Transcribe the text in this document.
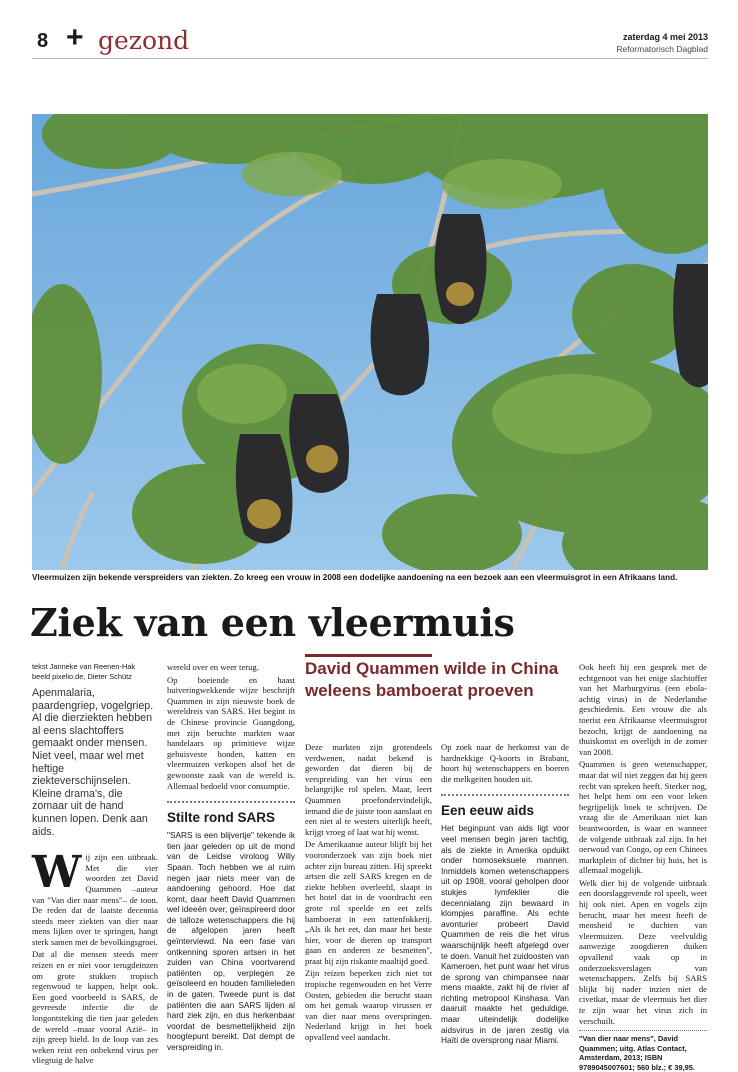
8 + gezond	zaterdag 4 mei 2013
Reformatorisch Dagblad
Vleermuizen zijn bekende verspreiders van ziekten. Zo kreeg een vrouw in 2008 een dodelijke aandoening na een bezoek aan een vleermuisgrot in een Afrikaans land.
Ziek van een vleermuis
tekst Janneke van Reenen-Hak
beeld pixelio.de, Dieter Schütz
Apenmalaria, paardengriep, vogelgriep. Al die dierziekten hebben al eens slachtoffers gemaakt onder mensen. Niet veel, maar wel met heftige ziekteverschijnselen. Kleine drama's, die zomaar uit de hand kunnen lopen. Denk aan aids.

Wij zijn een uitbraak. Met die vier woorden zet David Quammen –auteur van "Van dier naar mens"– de toon. De reden dat de laatste decennia steeds meer ziekten van dier naar mens lijken over te springen, hangt sterk samen met de bevolkingsgroei.

Dat al die mensen steeds meer reizen en er niet voor terugdeinzen om grote stukken tropisch regenwoud te kappen, helpt ook. Een goed voorbeeld is SARS, de gevreesde infectie die de longontsteking die tien jaar geleden de wereld –maar vooral Azië– in zijn greep hield. In de loop van zes weken reist een onbekend virus per vliegtuig de halve

wereld over en weer terug.

Op boeiende en haast huiveringwekkende wijze beschrijft Quammen in zijn nieuwste boek de wereldreis van SARS. Het begint in de Chinese provincie Guangdong, met zijn beruchte markten waar handelaars op primitieve wijze gehuisveste honden, katten en vleermuizen verkopen alsof het de gewoonste zaak van de wereld is. Allemaal bedoeld voor consumptie.

Stilte rond SARS

"SARS is een blijvertje" tekende ik tien jaar geleden op uit de mond van de Leidse viroloog Willy Spaan. Toch hebben we al ruim negen jaar niets meer van de aandoening gehoord. Hoe dat komt, daar heeft David Quammen wel ideeën over, geïnspireerd door de talloze wetenschappers die hij de afgelopen jaren heeft geïnterviewd. Na een fase van ontkenning sporen artsen in het zuiden van China voortvarend patiënten op, verplegen ze geïsoleerd en houden familieleden in de gaten. Tweede punt is dat patiënten die aan SARS lijden al hard ziek zijn, en dus herkenbaar voordat de besmettelijkheid zijn hoogtepunt bereikt. Dat dempt de verspreiding in.

David Quammen wilde in China weleens bamboerat proeven

Deze markten zijn grotendeels verdwenen, nadat bekend is geworden dat dieren bij de verspreiding van het virus een belangrijke rol spelen. Maar, leert Quammen proefondervindelijk, iemand die de juiste toon aanslaat en een niet al te westers uiterlijk heeft, krijgt vroeg of laat wat hij wenst.

De Amerikaanse auteur blijft bij het vooronderzoek van zijn boek niet achter zijn bureau zitten. Hij spreekt artsen die zelf SARS kregen en de ziekte hebben overleefd, slaapt in het hotel dat in de voordracht een grote rol speelde en eet zelfs bamboerat in een rattenfokkerij. „Als ik het eet, dan maar het beste hier, voor de dieren op transport gaan en anderen ze besmetten", praat hij zijn riskante maaltijd goed.

Zijn reizen beperken zich niet tot tropische regenwouden en het Verre Oosten, gebieden die berucht staan om het gemak waarop virussen er van dier naar mens overspringen. Nederland krijgt in het boek opvallend veel aandacht.

Op zoek naar de herkomst van de hardnekkige Q-koorts in Brabant, hoort hij wetenschappers en boeren die melkgeiten houden uit.

Een eeuw aids

Het beginpunt van aids ligt voor veel mensen begin jaren tachtig, als de ziekte in Amerika opduikt onder homoseksuele mannen. Inmiddels komen wetenschappers uit op 1908, vooral geholpen door stukjes lymfeklier die decennialang zijn bewaard in klompjes paraffine. Als echte avonturier probeert David Quammen de reis die het virus waarschijnlijk heeft afgelegd over te doen. Vanuit het zuidoosten van Kameroen, het punt waar het virus de sprong van chimpansee naar mens maakte, zakt hij de rivier af richting metropool Kinshasa. Van daaruit maakte het geduldige, maar uiteindelijk dodelijke aidsvirus in de jaren zestig via Haïti de oversprong naar Miami.

Ook heeft hij een gesprek met de echtgenoot van het enige slachtoffer van het Marburgvirus (een ebola-achtig virus) in de Nederlandse geschiedenis. Een vrouw die als toerist een Afrikaanse vleermuisgrot bezocht, krijgt de aandoening na thuiskomst en overlijdt in de zomer van 2008.

Quammen is geen wetenschapper, maar dat wil niet zeggen dat hij geen recht van spreken heeft. Sterker nog, het helpt hem om een voor leken begrijpelijk boek te schrijven. De vraag die de Amerikaan niet kan beantwoorden, is waar en wanneer de volgende uitbraak zal zijn. In het oerwoud van Congo, op een Chinees marktplein of dichter bij huis, het is allemaal mogelijk.

Welk dier bij de volgende uitbraak een doorslaggevende rol speelt, weet hij ook niet. Apen en vogels zijn berucht, maar het meest heeft de mensheid te duchten van vleermuizen. Deze veelvuldig aanwezige zoogdieren duiken opvallend vaak op in onderzoeksverslagen van wetenschappers. Zelfs bij SARS blijkt bij nader inzien niet de civetkat, maar de vleermuis het dier te zijn waar het virus zich in verschuilt.

"Van dier naar mens", David Quammen; uitg. Atlas Contact, Amsterdam, 2013; ISBN 9789045007601; 560 blz.; € 39,95.
